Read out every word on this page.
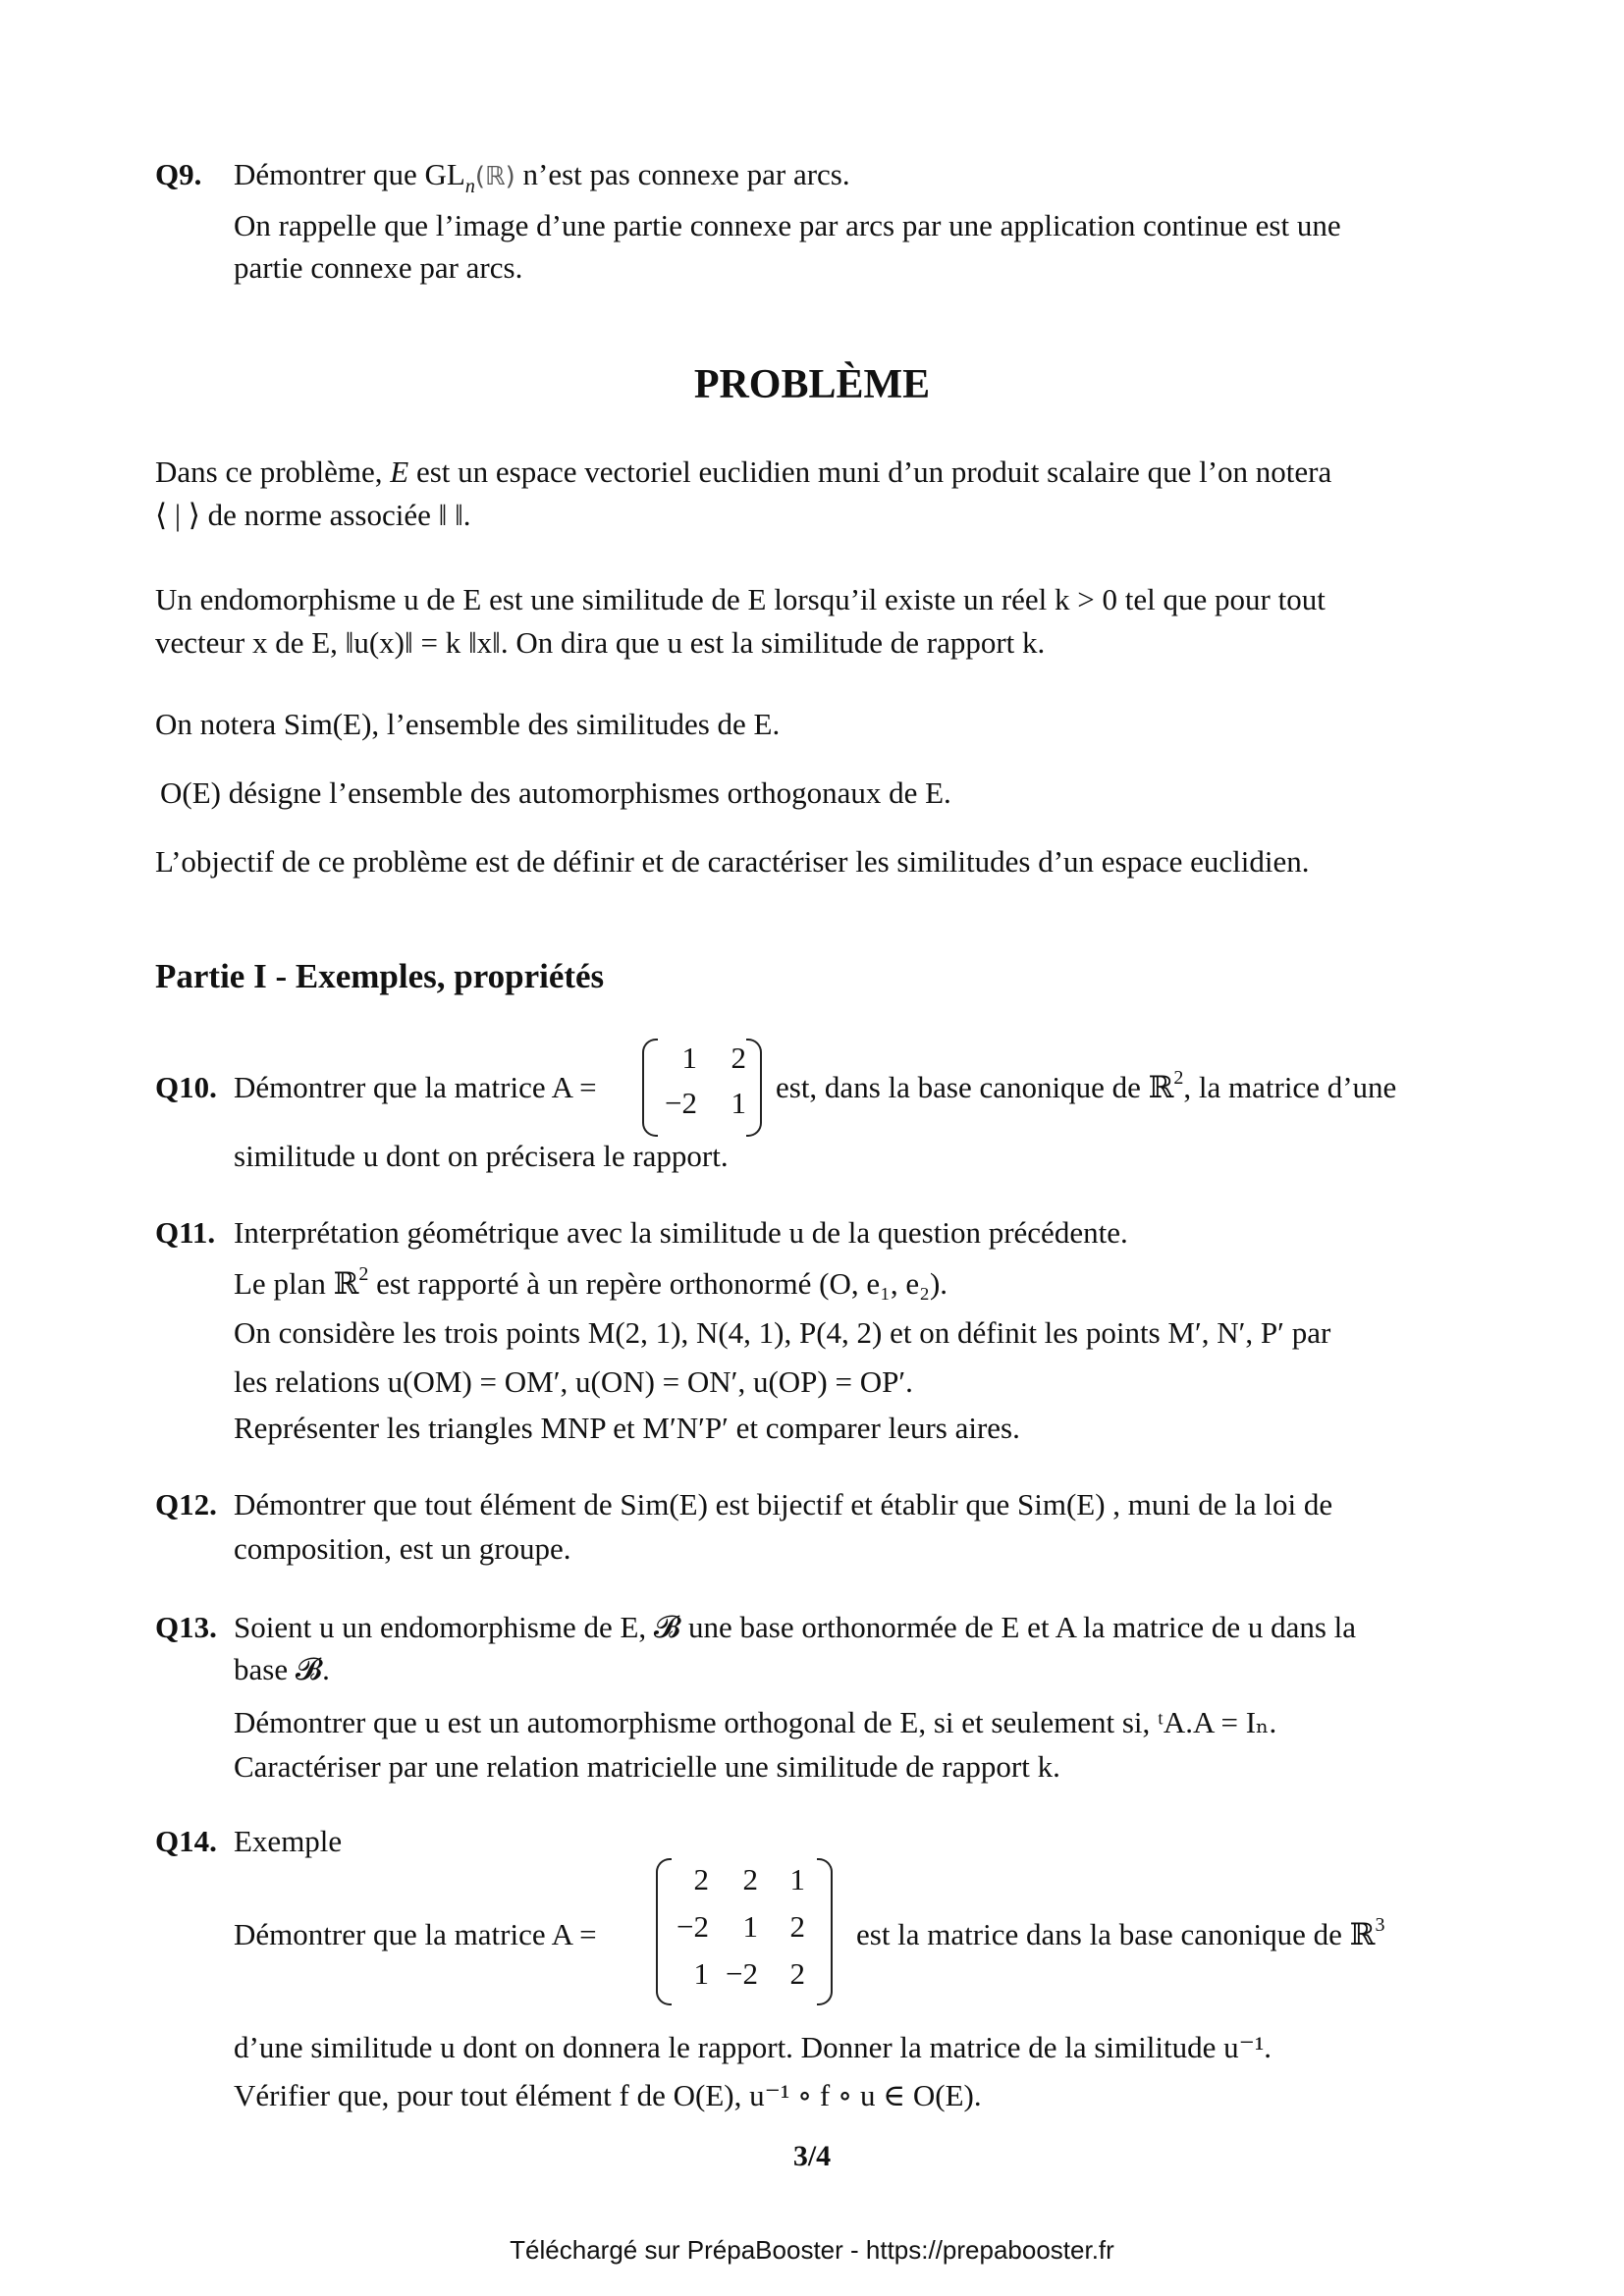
Q9. Démontrer que $GL_n(ℝ)$ n’est pas connexe par arcs.
On rappelle que l’image d’une partie connexe par arcs par une application continue est une
partie connexe par arcs.
PROBLÈME
Dans ce problème, E est un espace vectoriel euclidien muni d’un produit scalaire que l’on notera
⟨ | ⟩ de norme associée ‖ ‖.
Un endomorphisme u de E est une similitude de E lorsqu’il existe un réel k > 0 tel que pour tout
vecteur x de E, ‖u(x)‖ = k ‖x‖. On dira que u est la similitude de rapport k.
On notera Sim(E), l’ensemble des similitudes de E.
O(E) désigne l’ensemble des automorphismes orthogonaux de E.
L’objectif de ce problème est de définir et de caractériser les similitudes d’un espace euclidien.
Partie I - Exemples, propriétés
Q10. Démontrer que la matrice A =
1	2
−2	1 est, dans la base canonique de ℝ$^2$, la matrice d’une
similitude u dont on précisera le rapport.
Q11. Interprétation géométrique avec la similitude u de la question précédente.
Le plan ℝ$^2$ est rapporté à un repère orthonormé (O, e₁, e₂).
On considère les trois points M(2, 1), N(4, 1), P(4, 2) et on définit les points M′, N′, P′ par
les relations u(OM) = OM′, u(ON) = ON′, u(OP) = OP′.
Représenter les triangles MNP et M′N′P′ et comparer leurs aires.
Q12. Démontrer que tout élément de Sim(E) est bijectif et établir que Sim(E) , muni de la loi de
composition, est un groupe.
Q13. Soient u un endomorphisme de E, 𝓑 une base orthonormée de E et A la matrice de u dans la
base 𝓑.
Démontrer que u est un automorphisme orthogonal de E, si et seulement si, ᵗA.A = Iₙ.
Caractériser par une relation matricielle une similitude de rapport k.
Q14. Exemple
Démontrer que la matrice A =
2	2	1
−2	1	2
1 −2	2
est la matrice dans la base canonique de ℝ$^3$
d’une similitude u dont on donnera le rapport. Donner la matrice de la similitude u⁻¹.
Vérifier que, pour tout élément f de O(E), u⁻¹ ∘ f ∘ u ∈ O(E).
3/4
Téléchargé sur PrépaBooster - https://prepabooster.fr
